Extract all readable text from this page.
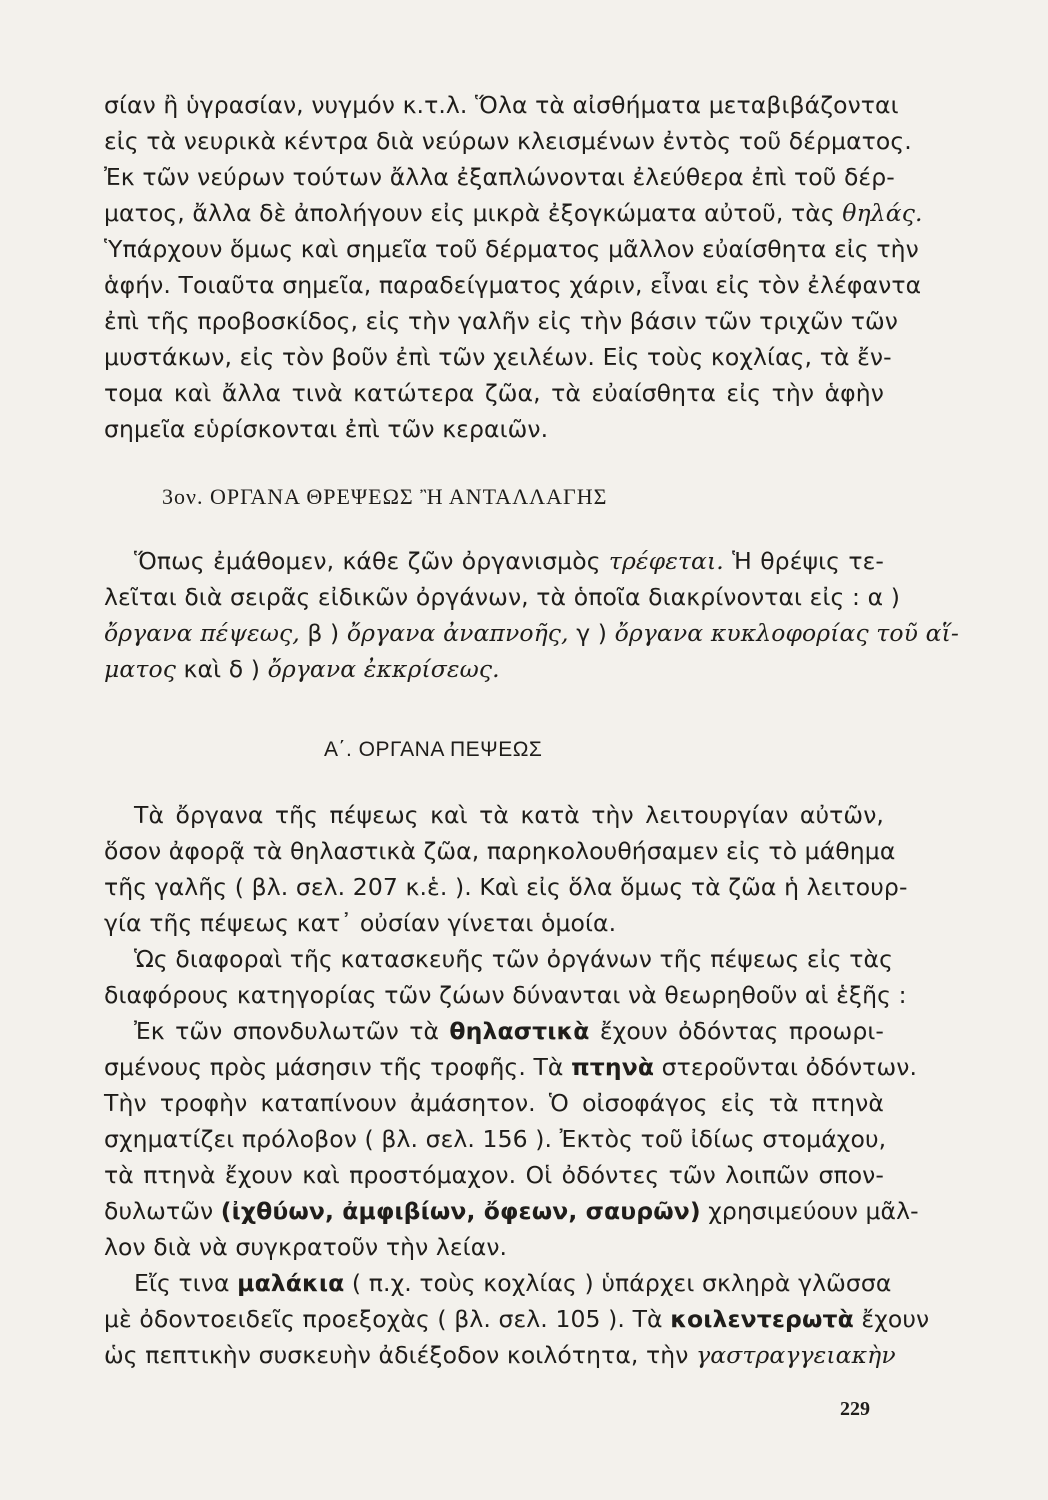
σίαν ἢ ὑγρασίαν, νυγμόν κ.τ.λ. Ὅλα τὰ αἰσθήματα μεταβιβάζονται
εἰς τὰ νευρικὰ κέντρα διὰ νεύρων κλεισμένων ἐντὸς τοῦ δέρματος.
Ἐκ τῶν νεύρων τούτων ἄλλα ἐξαπλώνονται ἐλεύθερα ἐπὶ τοῦ δέρ-
ματος, ἄλλα δὲ ἀπολήγουν εἰς μικρὰ ἐξογκώματα αὐτοῦ, τὰς θηλάς.
Ὑπάρχουν ὅμως καὶ σημεῖα τοῦ δέρματος μᾶλλον εὐαίσθητα εἰς τὴν
ἁφήν. Τοιαῦτα σημεῖα, παραδείγματος χάριν, εἶναι εἰς τὸν ἐλέφαντα
ἐπὶ τῆς προβοσκίδος, εἰς τὴν γαλῆν εἰς τὴν βάσιν τῶν τριχῶν τῶν
μυστάκων, εἰς τὸν βοῦν ἐπὶ τῶν χειλέων. Εἰς τοὺς κοχλίας, τὰ ἔν-
τομα καὶ ἄλλα τινὰ κατώτερα ζῶα, τὰ εὐαίσθητα εἰς τὴν ἁφὴν
σημεῖα εὑρίσκονται ἐπὶ τῶν κεραιῶν.
3ον. ΟΡΓΑΝΑ ΘΡΕΨΕΩΣ Ἢ ΑΝΤΑΛΛΑΓΗΣ
Ὅπως ἐμάθομεν, κάθε ζῶν ὀργανισμὸς τρέφεται. Ἡ θρέψις τε-
λεῖται διὰ σειρᾶς εἰδικῶν ὀργάνων, τὰ ὁποῖα διακρίνονται εἰς : α )
ὄργανα πέψεως, β ) ὄργανα ἀναπνοῆς, γ ) ὄργανα κυκλοφορίας τοῦ αἵ-
ματος καὶ δ ) ὄργανα ἐκκρίσεως.
Α΄. ΟΡΓΑΝΑ ΠΕΨΕΩΣ
Τὰ ὄργανα τῆς πέψεως καὶ τὰ κατὰ τὴν λειτουργίαν αὐτῶν,
ὅσον ἀφορᾷ τὰ θηλαστικὰ ζῶα, παρηκολουθήσαμεν εἰς τὸ μάθημα
τῆς γαλῆς ( βλ. σελ. 207 κ.ἑ. ). Καὶ εἰς ὅλα ὅμως τὰ ζῶα ἡ λειτουρ-
γία τῆς πέψεως κατ᾽ οὐσίαν γίνεται ὁμοία.
Ὡς διαφοραὶ τῆς κατασκευῆς τῶν ὀργάνων τῆς πέψεως εἰς τὰς
διαφόρους κατηγορίας τῶν ζώων δύνανται νὰ θεωρηθοῦν αἱ ἑξῆς :
Ἐκ τῶν σπονδυλωτῶν τὰ θηλαστικὰ ἔχουν ὀδόντας προωρι-
σμένους πρὸς μάσησιν τῆς τροφῆς. Τὰ πτηνὰ στεροῦνται ὀδόντων.
Τὴν τροφὴν καταπίνουν ἀμάσητον. Ὁ οἰσοφάγος εἰς τὰ πτηνὰ
σχηματίζει πρόλοβον ( βλ. σελ. 156 ). Ἐκτὸς τοῦ ἰδίως στομάχου,
τὰ πτηνὰ ἔχουν καὶ προστόμαχον. Οἱ ὀδόντες τῶν λοιπῶν σπον-
δυλωτῶν (ἰχθύων, ἀμφιβίων, ὄφεων, σαυρῶν) χρησιμεύουν μᾶλ-
λον διὰ νὰ συγκρατοῦν τὴν λείαν.
Εἴς τινα μαλάκια ( π.χ. τοὺς κοχλίας ) ὑπάρχει σκληρὰ γλῶσσα
μὲ ὀδοντοειδεῖς προεξοχὰς ( βλ. σελ. 105 ). Τὰ κοιλεντερωτὰ ἔχουν
ὡς πεπτικὴν συσκευὴν ἀδιέξοδον κοιλότητα, τὴν γαστραγγειακὴν
229
